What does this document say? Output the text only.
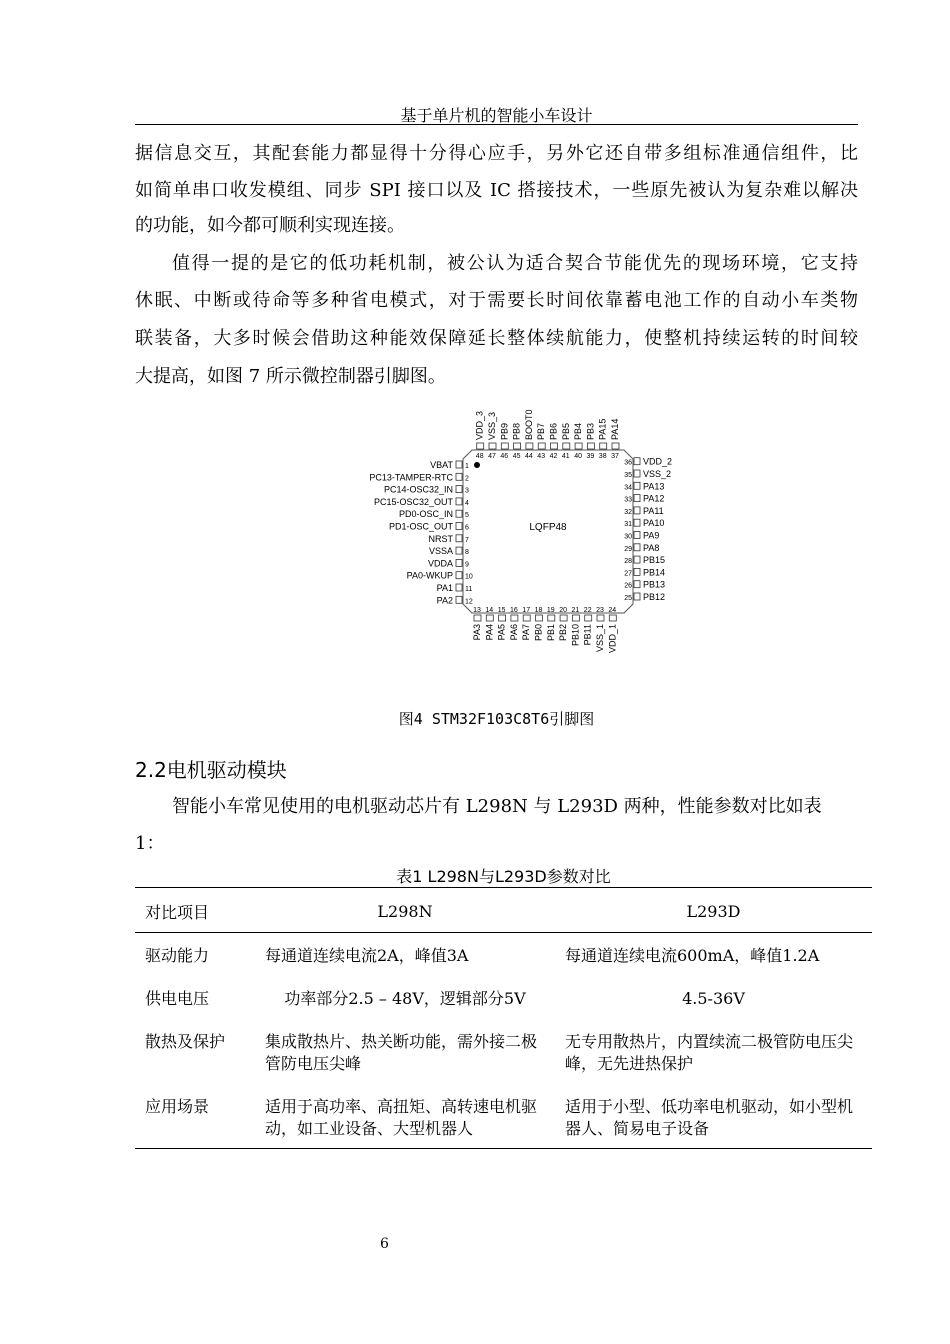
基于单片机的智能小车设计
据信息交互，其配套能力都显得十分得心应手，另外它还自带多组标准通信组件，比
如简单串口收发模组、同步 SPI 接口以及 IC 搭接技术，一些原先被认为复杂难以解决
的功能，如今都可顺利实现连接。
值得一提的是它的低功耗机制，被公认为适合契合节能优先的现场环境，它支持
休眠、中断或待命等多种省电模式，对于需要长时间依靠蓄电池工作的自动小车类物
联装备，大多时候会借助这种能效保障延长整体续航能力，使整机持续运转的时间较
大提高，如图 7 所示微控制器引脚图。
LQFP48
1
VBAT
2
PC13-TAMPER-RTC
3
PC14-OSC32_IN
4
PC15-OSC32_OUT
5
PD0-OSC_IN
6
PD1-OSC_OUT
7
NRST
8
VSSA
9
VDDA
10
PA0-WKUP
11
PA1
12
PA2
13
PA3
14
PA4
15
PA5
16
PA6
17
PA7
18
PB0
19
PB1
20
PB2
21
PB10
22
PB11
23
VSS_1
24
VDD_1
25 PB12
26 PB13
27 PB14
28 PB15
29 PA8
30 PA9
31 PA10
32 PA11
33 PA12
34 PA13
35 VSS_2
36 VDD_2
37
PA14
38
PA15
39
PB3
40
PB4
41
PB5
42
PB6
43
PB7
44
BOOT0
45
PB8
46
PB9
47
VSS_3
48
VDD_3
图4 STM32F103C8T6引脚图
2.2电机驱动模块
智能小车常见使用的电机驱动芯片有 L298N 与 L293D 两种，性能参数对比如表
1：
表1 L298N与L293D参数对比
对比项目	L298N	L293D
驱动能力	每通道连续电流2A，峰值3A	每通道连续电流600mA，峰值1.2A
供电电压	功率部分2.5 – 48V，逻辑部分5V	4.5-36V
散热及保护	集成散热片、热关断功能，需外接二极管防电压尖峰	无专用散热片，内置续流二极管防电压尖峰，无先进热保护
应用场景	适用于高功率、高扭矩、高转速电机驱动，如工业设备、大型机器人	适用于小型、低功率电机驱动，如小型机器人、简易电子设备
6
